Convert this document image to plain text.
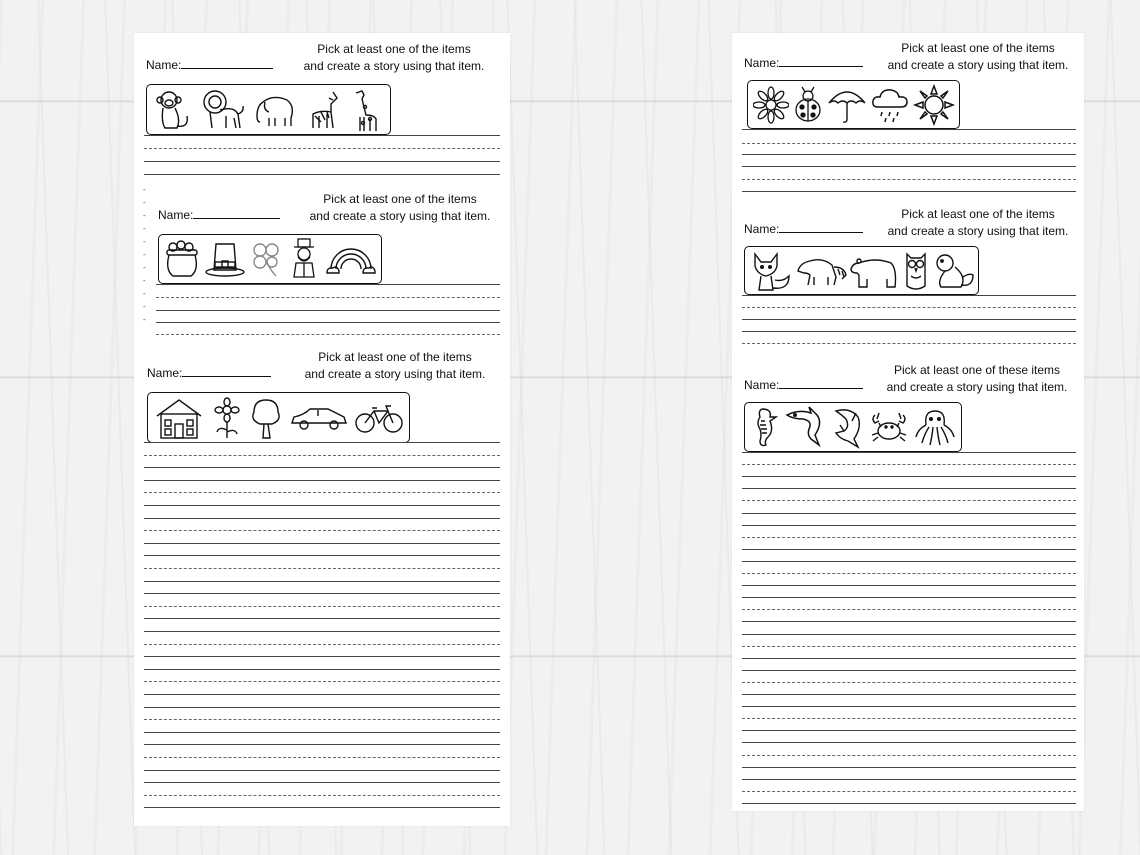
Name:
Pick at least one of the items
and create a story using that item.
-
-
-
-
-
-
-
-
-
-
-
Name:
Pick at least one of the items
and create a story using that item.
Name:
Pick at least one of the items
and create a story using that item.
Name:
Pick at least one of the items
and create a story using that item.
Name:
Pick at least one of the items
and create a story using that item.
Name:
Pick at least one of these items
and create a story using that item.
